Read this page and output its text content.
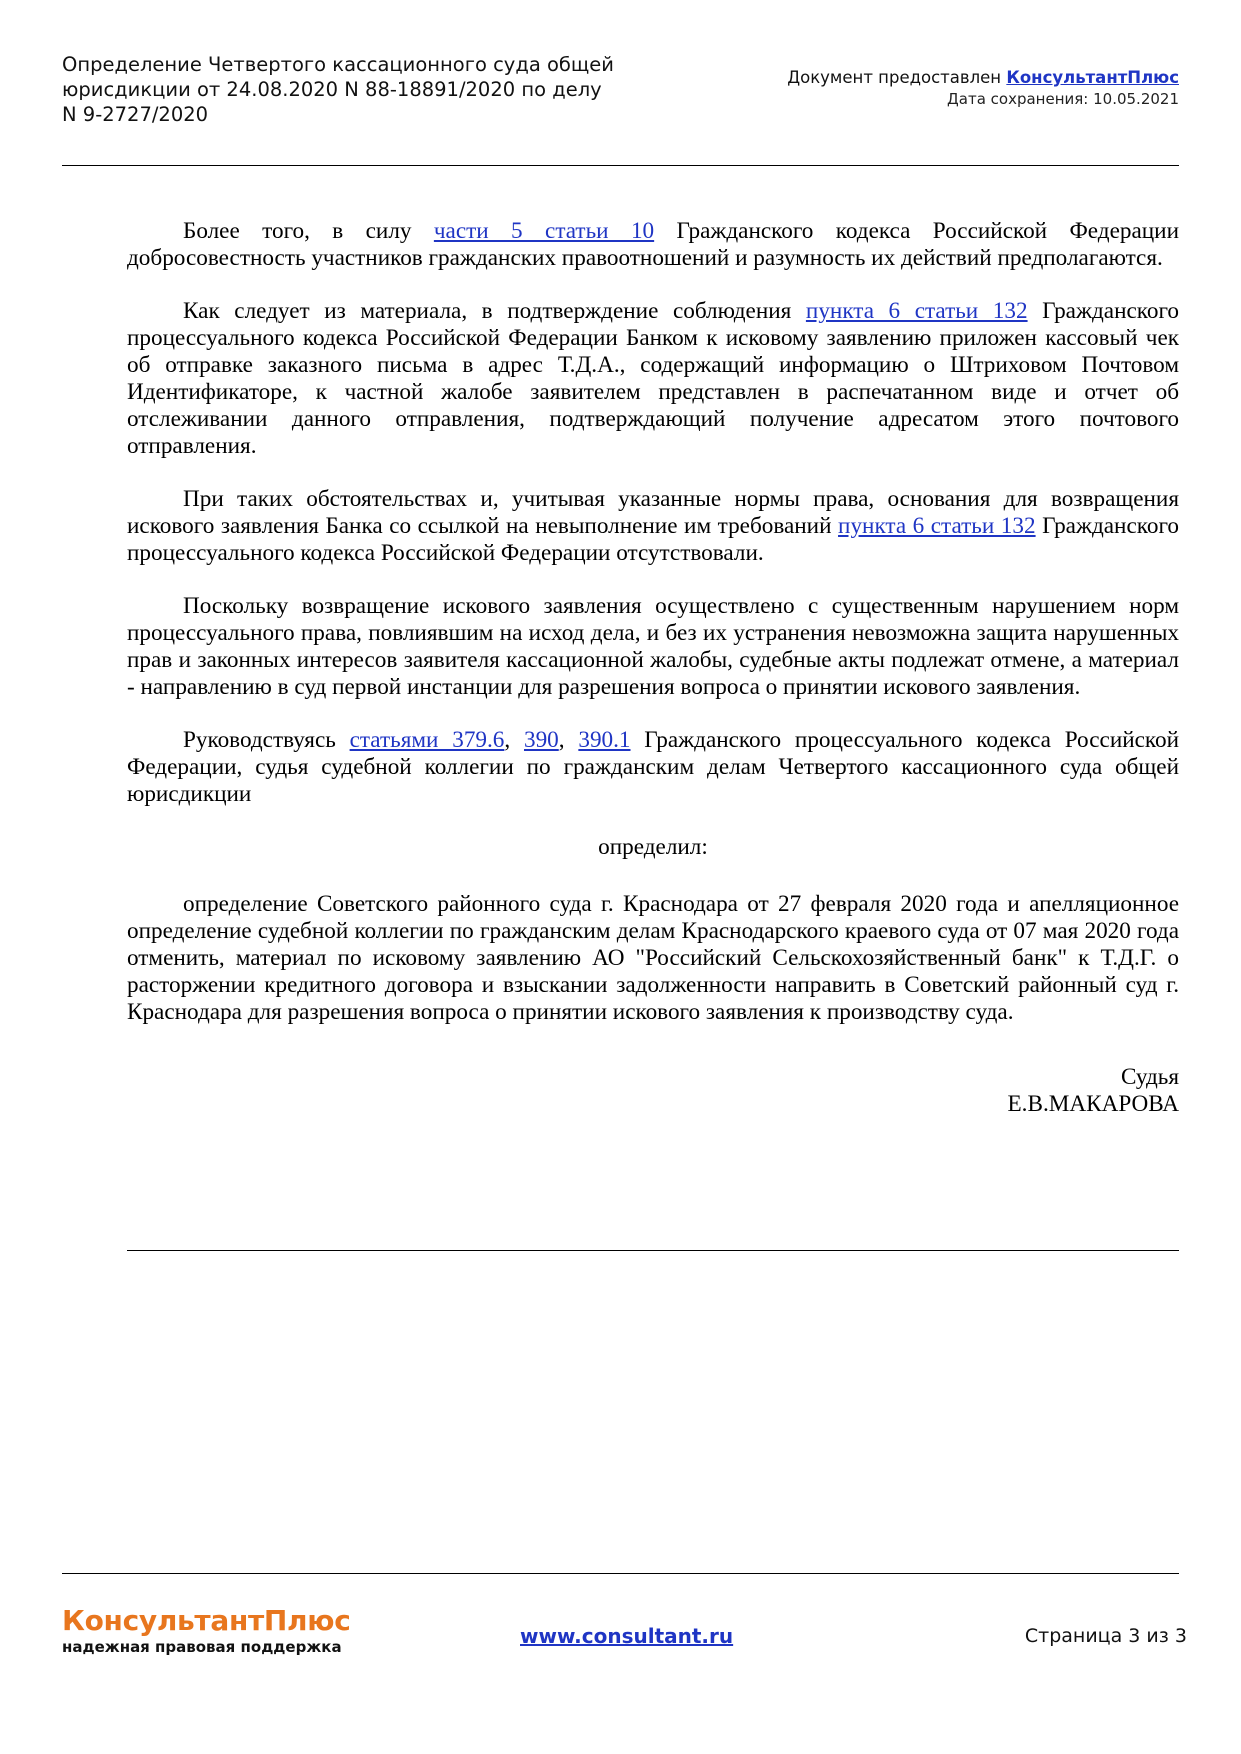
Определение Четвертого кассационного суда общей юрисдикции от 24.08.2020 N 88-18891/2020 по делу N 9-2727/2020
Документ предоставлен КонсультантПлюс
Дата сохранения: 10.05.2021

Более того, в силу части 5 статьи 10 Гражданского кодекса Российской Федерации добросовестность участников гражданских правоотношений и разумность их действий предполагаются.

Как следует из материала, в подтверждение соблюдения пункта 6 статьи 132 Гражданского процессуального кодекса Российской Федерации Банком к исковому заявлению приложен кассовый чек об отправке заказного письма в адрес Т.Д.А., содержащий информацию о Штриховом Почтовом Идентификаторе, к частной жалобе заявителем представлен в распечатанном виде и отчет об отслеживании данного отправления, подтверждающий получение адресатом этого почтового отправления.

При таких обстоятельствах и, учитывая указанные нормы права, основания для возвращения искового заявления Банка со ссылкой на невыполнение им требований пункта 6 статьи 132 Гражданского процессуального кодекса Российской Федерации отсутствовали.

Поскольку возвращение искового заявления осуществлено с существенным нарушением норм процессуального права, повлиявшим на исход дела, и без их устранения невозможна защита нарушенных прав и законных интересов заявителя кассационной жалобы, судебные акты подлежат отмене, а материал - направлению в суд первой инстанции для разрешения вопроса о принятии искового заявления.

Руководствуясь статьями 379.6, 390, 390.1 Гражданского процессуального кодекса Российской Федерации, судья судебной коллегии по гражданским делам Четвертого кассационного суда общей юрисдикции

определил:

определение Советского районного суда г. Краснодара от 27 февраля 2020 года и апелляционное определение судебной коллегии по гражданским делам Краснодарского краевого суда от 07 мая 2020 года отменить, материал по исковому заявлению АО "Российский Сельскохозяйственный банк" к Т.Д.Г. о расторжении кредитного договора и взыскании задолженности направить в Советский районный суд г. Краснодара для разрешения вопроса о принятии искового заявления к производству суда.

Судья
Е.В.МАКАРОВА
КонсультантПлюс
надежная правовая поддержка	www.consultant.ru	Страница 3 из 3
